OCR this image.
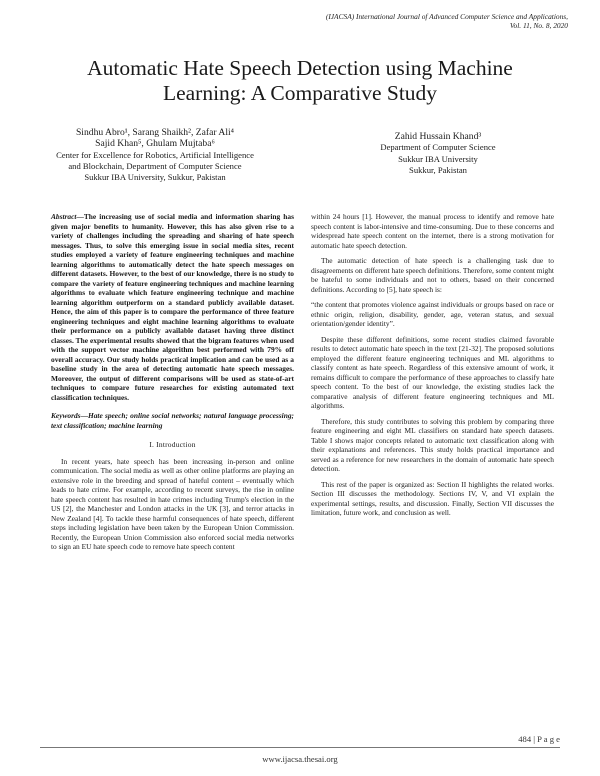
(IJACSA) International Journal of Advanced Computer Science and Applications,
Vol. 11, No. 8, 2020
Automatic Hate Speech Detection using Machine
Learning: A Comparative Study
Sindhu Abro¹, Sarang Shaikh², Zafar Ali⁴
Sajid Khan⁵, Ghulam Mujtaba⁶
Center for Excellence for Robotics, Artificial Intelligence
and Blockchain, Department of Computer Science
Sukkur IBA University, Sukkur, Pakistan
Zahid Hussain Khand³
Department of Computer Science
Sukkur IBA University
Sukkur, Pakistan
Abstract—The increasing use of social media and information sharing has given major benefits to humanity. However, this has also given rise to a variety of challenges including the spreading and sharing of hate speech messages. Thus, to solve this emerging issue in social media sites, recent studies employed a variety of feature engineering techniques and machine learning algorithms to automatically detect the hate speech messages on different datasets. However, to the best of our knowledge, there is no study to compare the variety of feature engineering techniques and machine learning algorithms to evaluate which feature engineering technique and machine learning algorithm outperform on a standard publicly available dataset. Hence, the aim of this paper is to compare the performance of three feature engineering techniques and eight machine learning algorithms to evaluate their performance on a publicly available dataset having three distinct classes. The experimental results showed that the bigram features when used with the support vector machine algorithm best performed with 79% off overall accuracy. Our study holds practical implication and can be used as a baseline study in the area of detecting automatic hate speech messages. Moreover, the output of different comparisons will be used as state-of-art techniques to compare future researches for existing automated text classification techniques.
Keywords—Hate speech; online social networks; natural language processing; text classification; machine learning
I. Introduction

In recent years, hate speech has been increasing in-person and online communication. The social media as well as other online platforms are playing an extensive role in the breeding and spread of hateful content – eventually which leads to hate crime. For example, according to recent surveys, the rise in online hate speech content has resulted in hate crimes including Trump's election in the US [2], the Manchester and London attacks in the UK [3], and terror attacks in New Zealand [4]. To tackle these harmful consequences of hate speech, different steps including legislation have been taken by the European Union Commission. Recently, the European Union Commission also enforced social media networks to sign an EU hate speech code to remove hate speech content

within 24 hours [1]. However, the manual process to identify and remove hate speech content is labor-intensive and time-consuming. Due to these concerns and widespread hate speech content on the internet, there is a strong motivation for automatic hate speech detection.

The automatic detection of hate speech is a challenging task due to disagreements on different hate speech definitions. Therefore, some content might be hateful to some individuals and not to others, based on their concerned definitions. According to [5], hate speech is:

“the content that promotes violence against individuals or groups based on race or ethnic origin, religion, disability, gender, age, veteran status, and sexual orientation/gender identity”.

Despite these different definitions, some recent studies claimed favorable results to detect automatic hate speech in the text [21-32]. The proposed solutions employed the different feature engineering techniques and ML algorithms to classify content as hate speech. Regardless of this extensive amount of work, it remains difficult to compare the performance of these approaches to classify hate speech content. To the best of our knowledge, the existing studies lack the comparative analysis of different feature engineering techniques and ML algorithms.

Therefore, this study contributes to solving this problem by comparing three feature engineering and eight ML classifiers on standard hate speech datasets. Table I shows major concepts related to automatic text classification along with their explanations and references. This study holds practical importance and served as a reference for new researchers in the domain of automatic hate speech detection.

This rest of the paper is organized as: Section II highlights the related works. Section III discusses the methodology. Sections IV, V, and VI explain the experimental settings, results, and discussion. Finally, Section VII discusses the limitation, future work, and conclusion as well.

484 | P a g e
www.ijacsa.thesai.org
